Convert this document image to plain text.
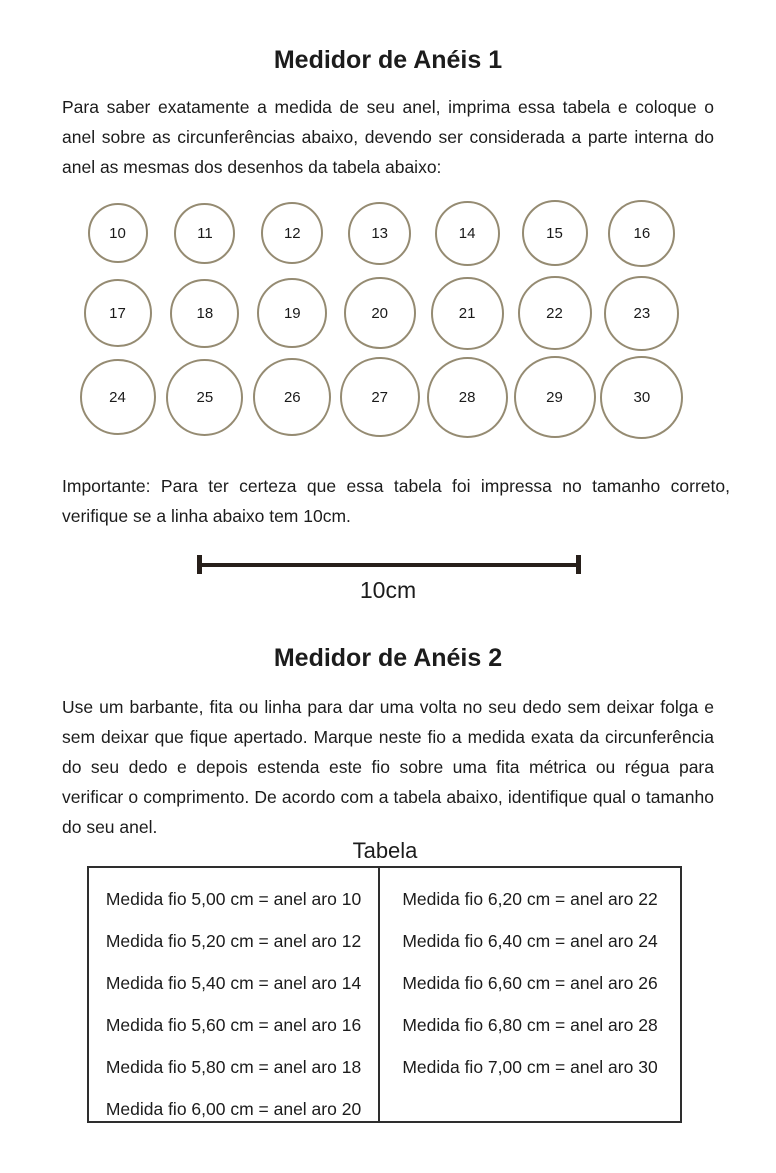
Medidor de Anéis 1

Para saber exatamente a medida de seu anel, imprima essa tabela e coloque o anel sobre as circunferências abaixo, devendo ser considerada a parte interna do anel as mesmas dos desenhos da tabela abaixo:

10	11	12	13	14	15	16
17	18	19	20	21	22	23
24	25	26	27	28	29	30

Importante: Para ter certeza que essa tabela foi impressa no tamanho correto, verifique se a linha abaixo tem 10cm.

10cm
Medidor de Anéis 2

Use um barbante, fita ou linha para dar uma volta no seu dedo sem deixar folga e sem deixar que fique apertado. Marque neste fio a medida exata da circunferência do seu dedo e depois estenda este fio sobre uma fita métrica ou régua para verificar o comprimento. De acordo com a tabela abaixo, identifique qual o tamanho do seu anel.

Tabela
Medida fio 5,00 cm = anel aro 10
Medida fio 5,20 cm = anel aro 12
Medida fio 5,40 cm = anel aro 14
Medida fio 5,60 cm = anel aro 16
Medida fio 5,80 cm = anel aro 18
Medida fio 6,00 cm = anel aro 20
Medida fio 6,20 cm = anel aro 22
Medida fio 6,40 cm = anel aro 24
Medida fio 6,60 cm = anel aro 26
Medida fio 6,80 cm = anel aro 28
Medida fio 7,00 cm = anel aro 30
